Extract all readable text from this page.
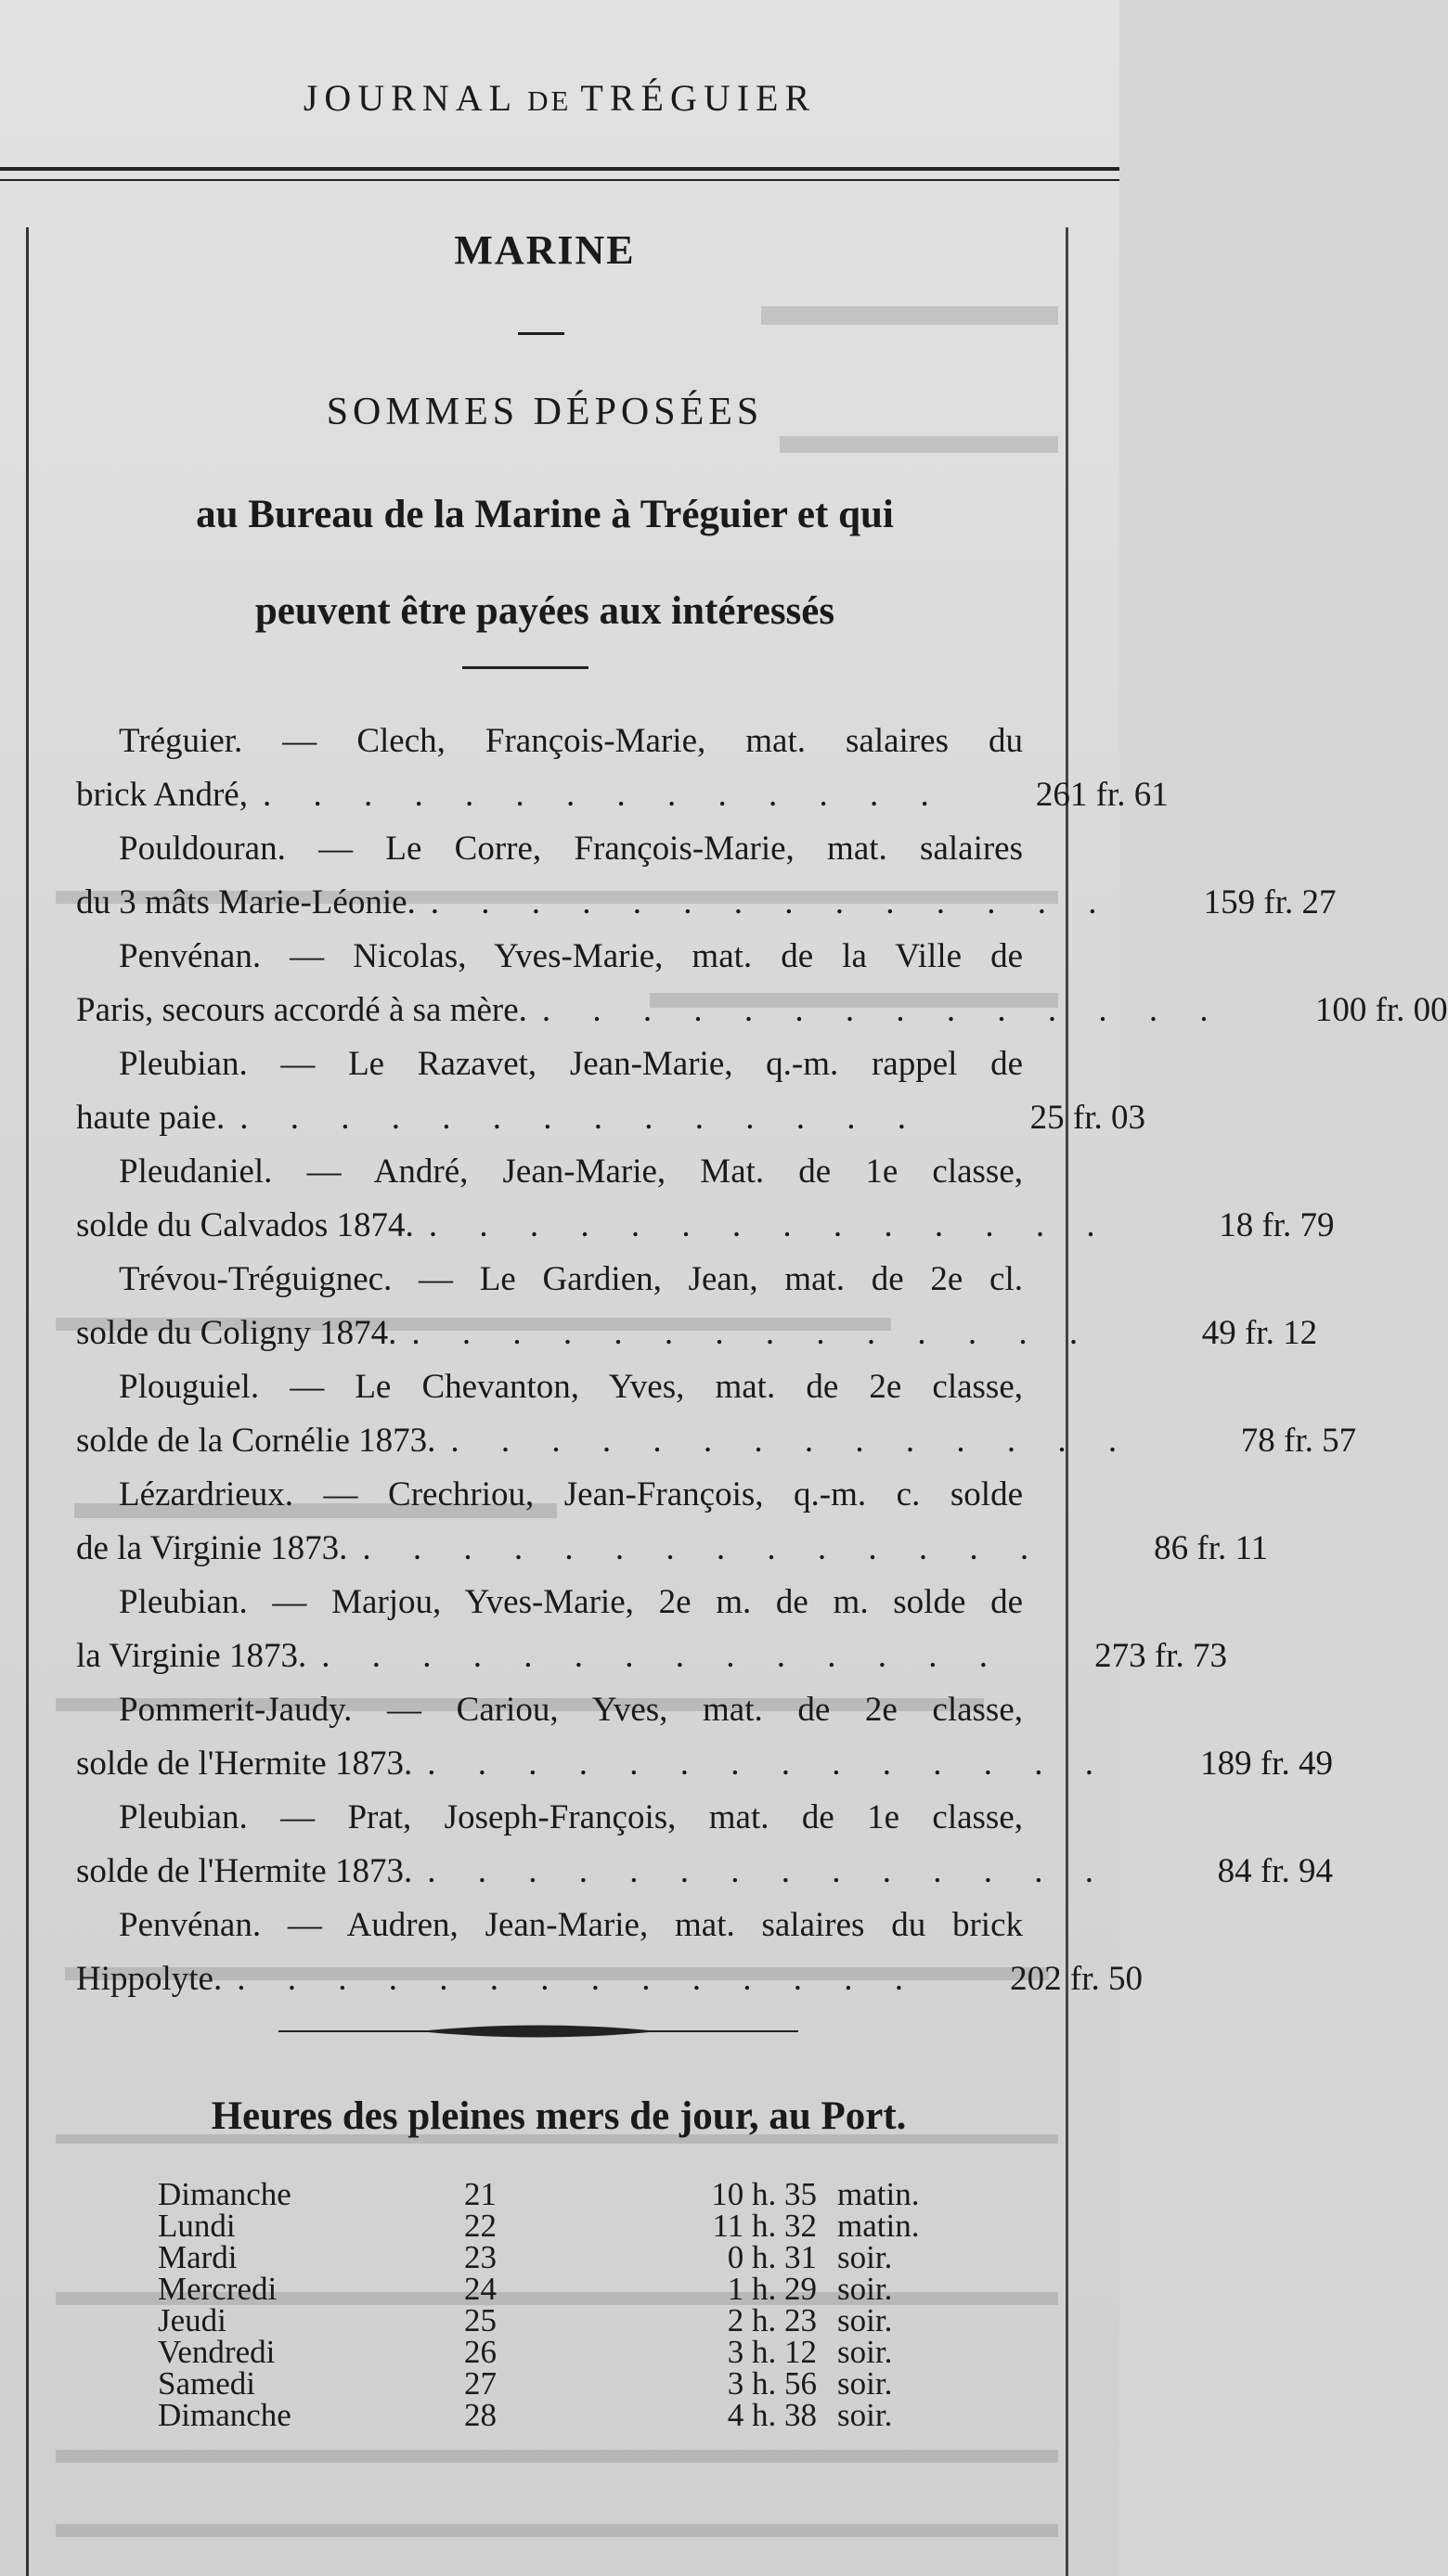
JOURNAL DE TRÉGUIER
MARINE
SOMMES DÉPOSÉES
au Bureau de la Marine à Tréguier et qui
peuvent être payées aux intéressés
Tréguier. — Clech, François-Marie, mat. salaires du
brick André, . . . . . . . . . . . . . .	261 fr. 61
Pouldouran. — Le Corre, François-Marie, mat. salaires
du 3 mâts Marie-Léonie. . . . . . . . . . . . . . .	159 fr. 27
Penvénan. — Nicolas, Yves-Marie, mat. de la Ville de
Paris, secours accordé à sa mère. . . . . . . . . . . . . . .	100 fr. 00
Pleubian. — Le Razavet, Jean-Marie, q.-m. rappel de
haute paie. . . . . . . . . . . . . . .	25 fr. 03
Pleudaniel. — André, Jean-Marie, Mat. de 1e classe,
solde du Calvados 1874. . . . . . . . . . . . . . .	18 fr. 79
Trévou-Tréguignec. — Le Gardien, Jean, mat. de 2e cl.
solde du Coligny 1874. . . . . . . . . . . . . . .	49 fr. 12
Plouguiel. — Le Chevanton, Yves, mat. de 2e classe,
solde de la Cornélie 1873. . . . . . . . . . . . . . .	78 fr. 57
Lézardrieux. — Crechriou, Jean-François, q.-m. c. solde
de la Virginie 1873. . . . . . . . . . . . . . .	86 fr. 11
Pleubian. — Marjou, Yves-Marie, 2e m. de m. solde de
la Virginie 1873. . . . . . . . . . . . . . .	273 fr. 73
Pommerit-Jaudy. — Cariou, Yves, mat. de 2e classe,
solde de l'Hermite 1873. . . . . . . . . . . . . . .	189 fr. 49
Pleubian. — Prat, Joseph-François, mat. de 1e classe,
solde de l'Hermite 1873. . . . . . . . . . . . . . .	84 fr. 94
Penvénan. — Audren, Jean-Marie, mat. salaires du brick
Hippolyte. . . . . . . . . . . . . . .	202 fr. 50
Heures des pleines mers de jour, au Port.
Dimanche	21	10 h. 35 matin.
Lundi	22	11 h. 32 matin.
Mardi	23	0 h. 31 soir.
Mercredi	24	1 h. 29 soir.
Jeudi	25	2 h. 23 soir.
Vendredi	26	3 h. 12 soir.
Samedi	27	3 h. 56 soir.
Dimanche	28	4 h. 38 soir.
